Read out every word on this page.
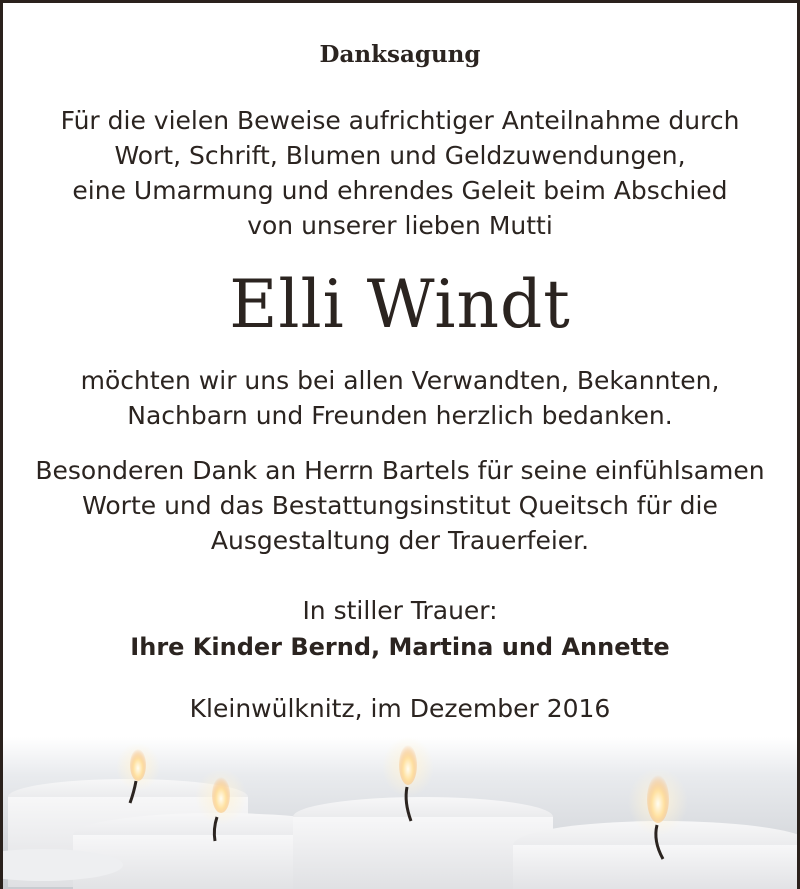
Danksagung
Für die vielen Beweise aufrichtiger Anteilnahme durch
Wort, Schrift, Blumen und Geldzuwendungen,
eine Umarmung und ehrendes Geleit beim Abschied
von unserer lieben Mutti
Elli Windt
möchten wir uns bei allen Verwandten, Bekannten,
Nachbarn und Freunden herzlich bedanken.
Besonderen Dank an Herrn Bartels für seine einfühlsamen
Worte und das Bestattungsinstitut Queitsch für die
Ausgestaltung der Trauerfeier.
In stiller Trauer:
Ihre Kinder Bernd, Martina und Annette
Kleinwülknitz, im Dezember 2016
